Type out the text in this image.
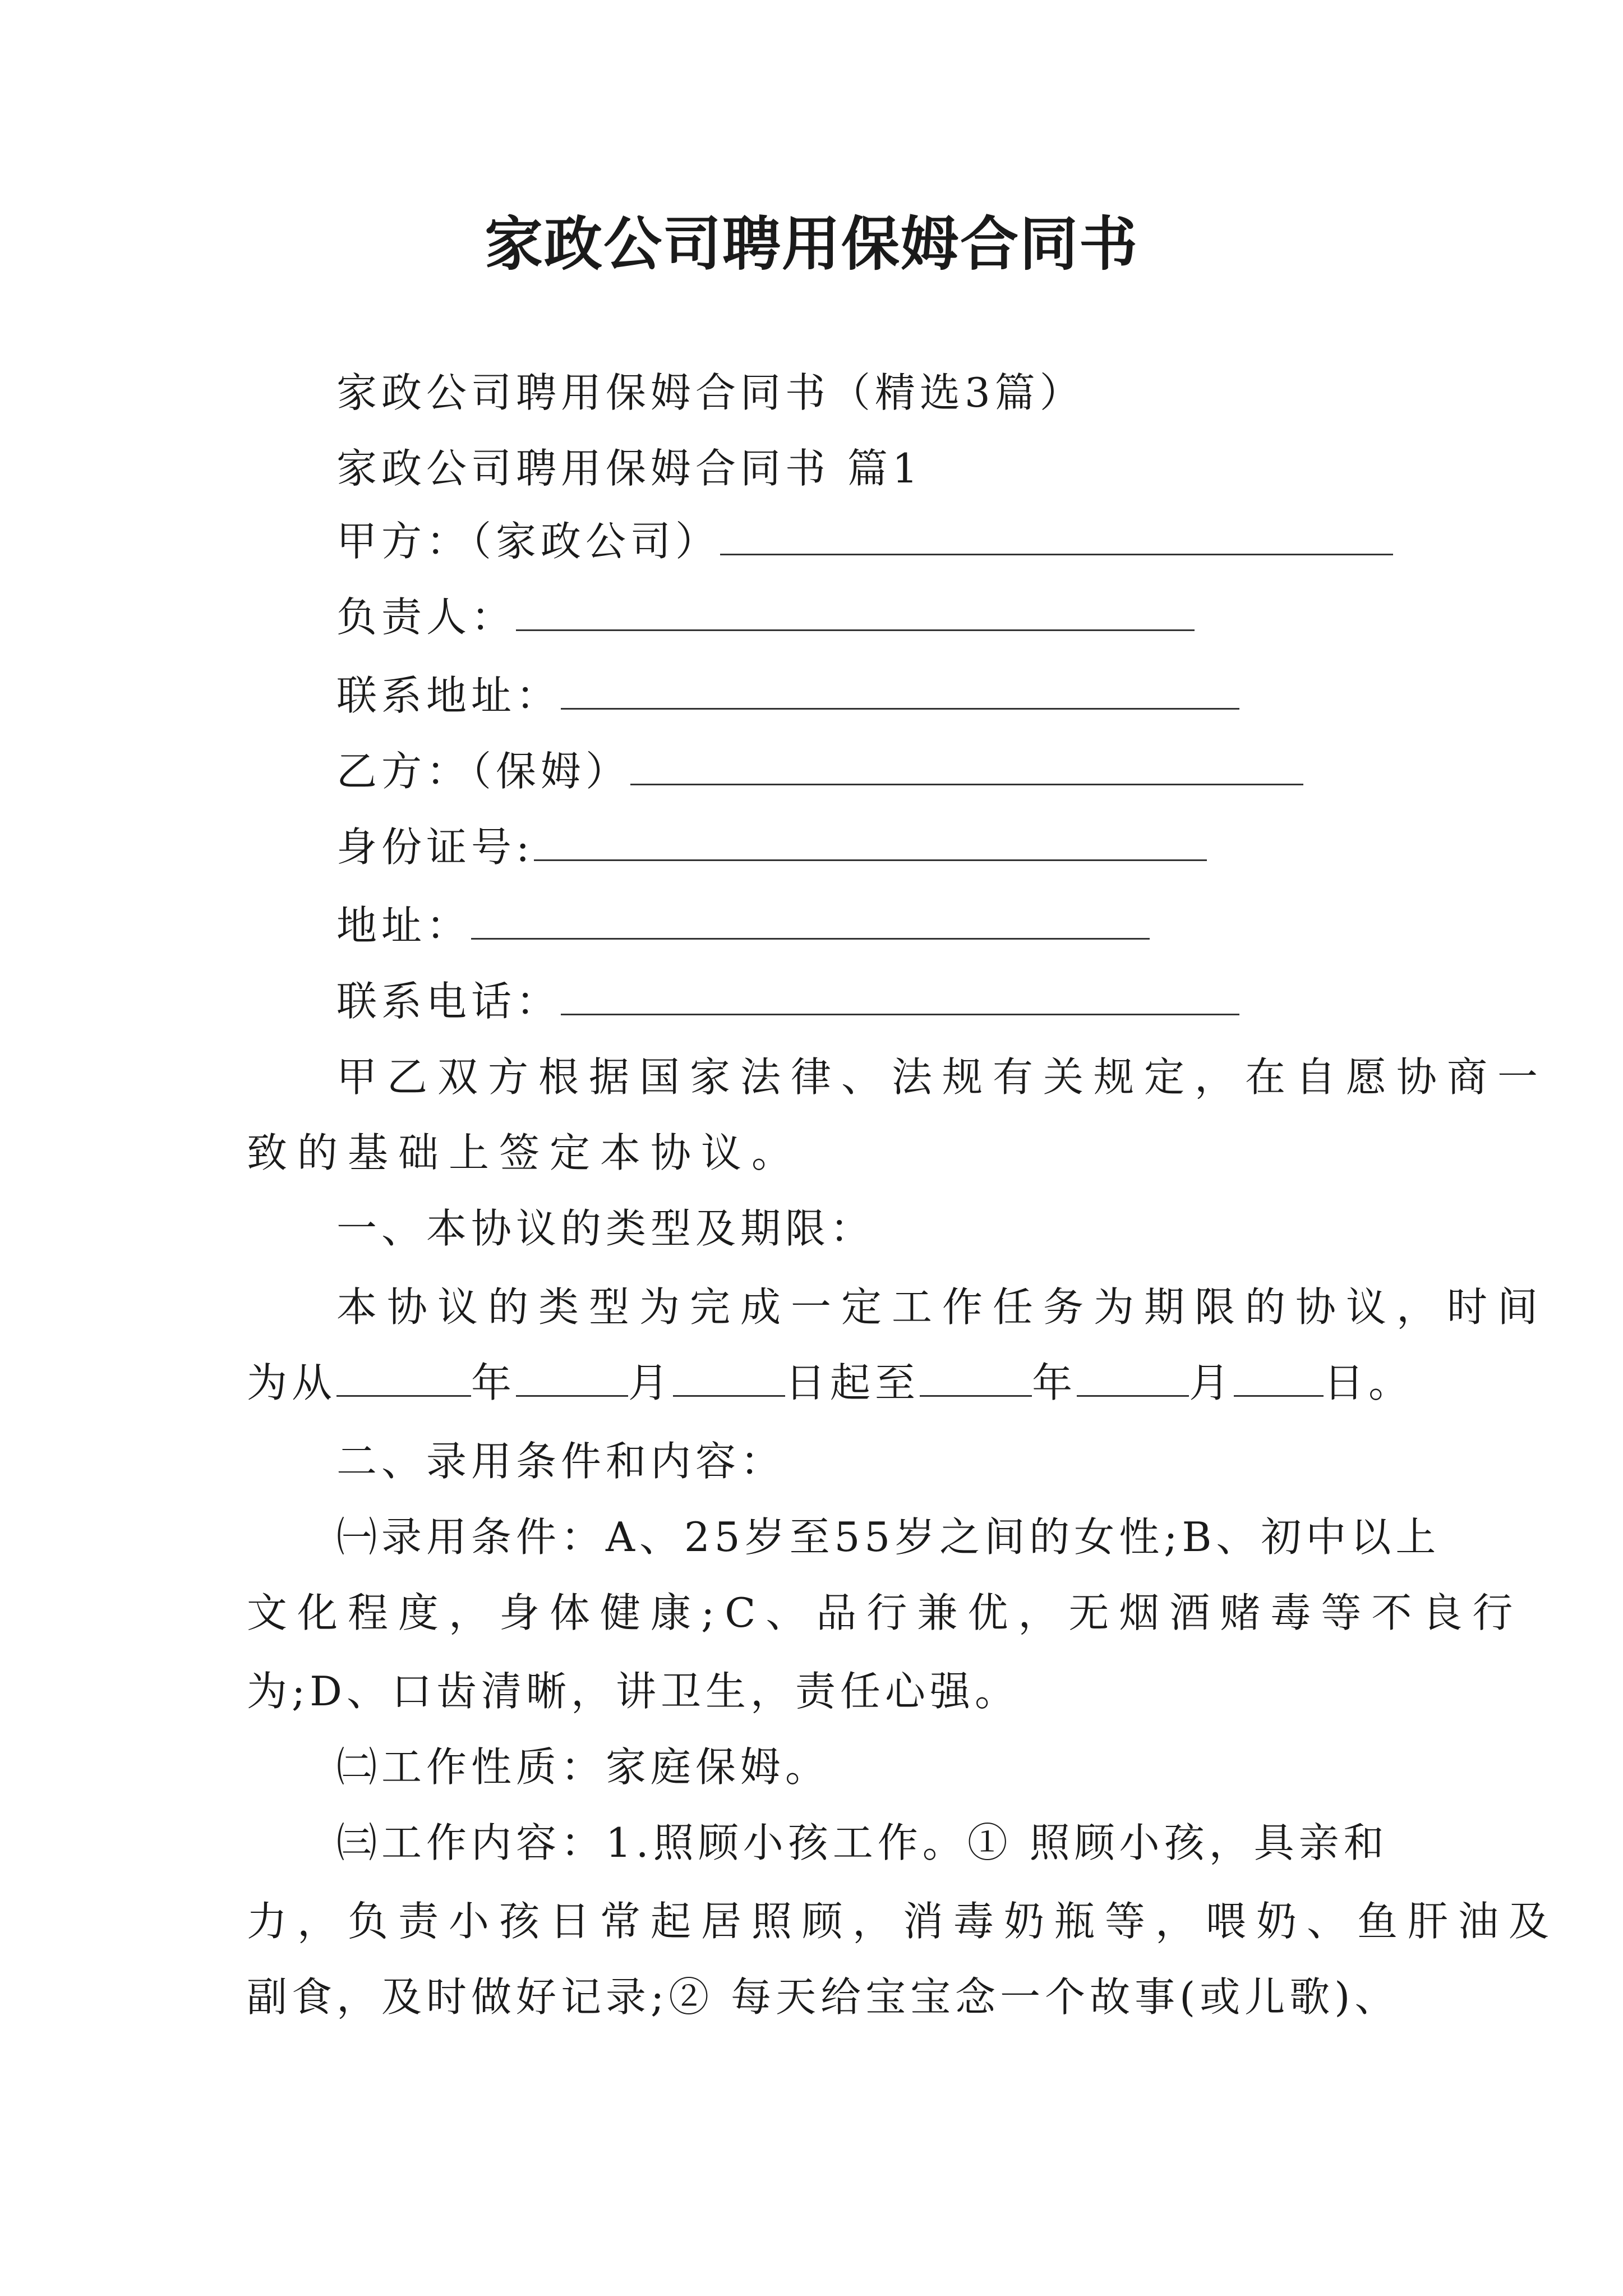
家政公司聘用保姆合同书
家政公司聘用保姆合同书（精选3篇）
家政公司聘用保姆合同书 篇1
甲方：（家政公司）
负责人：
联系地址：
乙方：（保姆）
身份证号:
地址：
联系电话：
甲乙双方根据国家法律、法规有关规定，在自愿协商一
致的基础上签定本协议。
一、本协议的类型及期限：
本协议的类型为完成一定工作任务为期限的协议，时间
为从	年	月	日起至	年	月 日。
二、录用条件和内容：
㈠录用条件：A、25岁至55岁之间的女性;B、初中以上
文化程度，身体健康;C、品行兼优，无烟酒赌毒等不良行
为;D、口齿清晰，讲卫生，责任心强。
㈡工作性质：家庭保姆。
㈢工作内容：1.照顾小孩工作。① 照顾小孩，具亲和
力，负责小孩日常起居照顾，消毒奶瓶等，喂奶、鱼肝油及
副食，及时做好记录;② 每天给宝宝念一个故事(或儿歌)、
